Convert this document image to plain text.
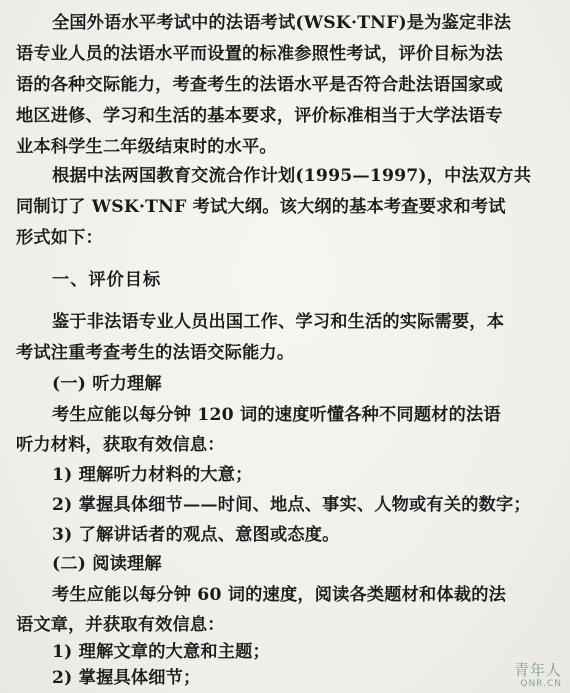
全国外语水平考试中的法语考试(WSK·TNF)是为鉴定非法
语专业人员的法语水平而设置的标准参照性考试，评价目标为法
语的各种交际能力，考查考生的法语水平是否符合赴法语国家或
地区进修、学习和生活的基本要求，评价标准相当于大学法语专
业本科学生二年级结束时的水平。
根据中法两国教育交流合作计划(1995—1997)，中法双方共
同制订了 WSK·TNF 考试大纲。该大纲的基本考查要求和考试
形式如下：
一、评价目标
鉴于非法语专业人员出国工作、学习和生活的实际需要，本
考试注重考查考生的法语交际能力。
(一) 听力理解
考生应能以每分钟 120 词的速度听懂各种不同题材的法语
听力材料，获取有效信息：
1) 理解听力材料的大意；
2) 掌握具体细节——时间、地点、事实、人物或有关的数字；
3) 了解讲话者的观点、意图或态度。
(二) 阅读理解
考生应能以每分钟 60 词的速度，阅读各类题材和体裁的法
语文章，并获取有效信息：
1) 理解文章的大意和主题；
2) 掌握具体细节；	青年人
QNR.CN
